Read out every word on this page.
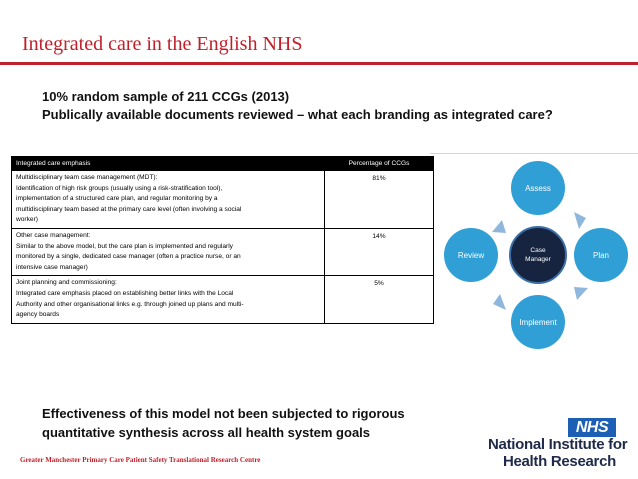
Integrated care in the English NHS
10% random sample of 211 CCGs (2013)
Publically available documents reviewed – what each branding as integrated care?
Integrated care emphasis	Percentage of CCGs

Multidisciplinary team case management (MDT):
Identification of high risk groups (usually using a risk-stratification tool),
implementation of a structured care plan, and regular monitoring by a
multidisciplinary team based at the primary care level (often involving a social
worker)	81%

Other case management:
Similar to the above model, but the care plan is implemented and regularly
monitored by a single, dedicated case manager (often a practice nurse, or an
intensive case manager)	14%

Joint planning and commissioning:
Integrated care emphasis placed on establishing better links with the Local
Authority and other organisational links e.g. through joined up plans and multi-
agency boards	5%
Assess
Plan
Implement
Review
Case
Manager
Effectiveness of this model not been subjected to rigorous
quantitative synthesis across all health system goals
Greater Manchester Primary Care Patient Safety Translational Research Centre
NHS
National Institute for
Health Research
